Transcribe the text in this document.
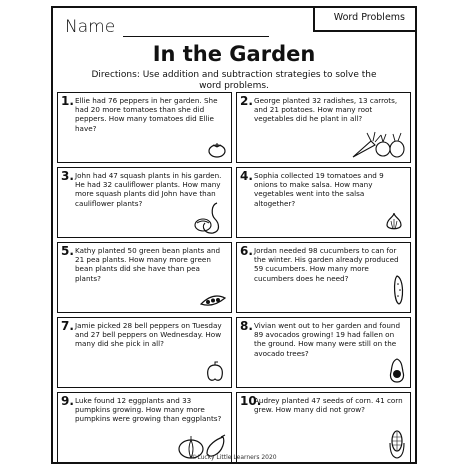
Name	Word Problems
In the Garden
Directions: Use addition and subtraction strategies to solve the word problems.
1. Ellie had 76 peppers in her garden. She had 20 more tomatoes than she did peppers. How many tomatoes did Ellie have?
2. George planted 32 radishes, 13 carrots, and 21 potatoes. How many root vegetables did he plant in all?
3. John had 47 squash plants in his garden. He had 32 cauliflower plants. How many more squash plants did John have than cauliflower plants?
4. Sophia collected 19 tomatoes and 9 onions to make salsa. How many vegetables went into the salsa altogether?
5. Kathy planted 50 green bean plants and 21 pea plants. How many more green bean plants did she have than pea plants?
6. Jordan needed 98 cucumbers to can for the winter. His garden already produced 59 cucumbers. How many more cucumbers does he need?
7. Jamie picked 28 bell peppers on Tuesday and 27 bell peppers on Wednesday. How many did she pick in all?
8. Vivian went out to her garden and found 89 avocados growing! 19 had fallen on the ground. How many were still on the avocado trees?
9. Luke found 12 eggplants and 33 pumpkins growing. How many more pumpkins were growing than eggplants?
10.
Audrey planted 47 seeds of corn. 41 corn grew. How many did not grow?
©Lucky Little Learners 2020
